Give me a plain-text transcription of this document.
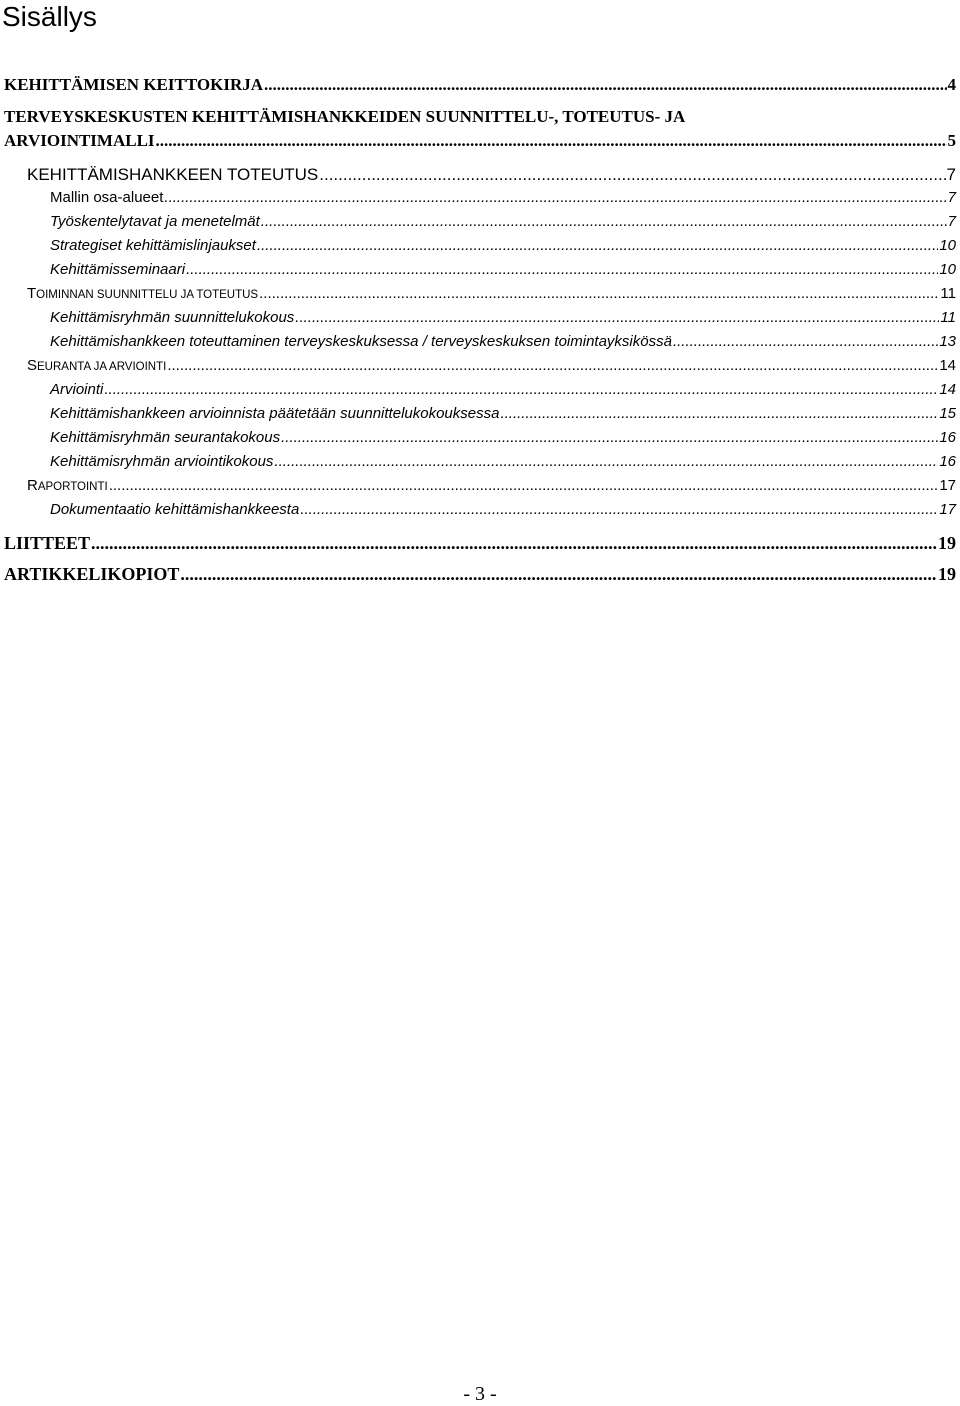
Sisällys
KEHITTÄMISEN KEITTOKIRJA .....	4
TERVEYSKESKUSTEN KEHITTÄMISHANKKEIDEN SUUNNITTELU-, TOTEUTUS- JA
ARVIOINTIMALLI .....	5
KEHITTÄMISHANKKEEN TOTEUTUS .....	7
Mallin osa-alueet .....	7
Työskentelytavat ja menetelmät .....	7
Strategiset kehittämislinjaukset .....	10
Kehittämisseminaari .....	10
TOIMINNAN SUUNNITTELU JA TOTEUTUS .....	11
Kehittämisryhmän suunnittelukokous .....	11
Kehittämishankkeen toteuttaminen terveyskeskuksessa / terveyskeskuksen toimintayksikössä .....	13
SEURANTA JA ARVIOINTI .....	14
Arviointi .....	14
Kehittämishankkeen arvioinnista päätetään suunnittelukokouksessa .....	15
Kehittämisryhmän seurantakokous .....	16
Kehittämisryhmän arviointikokous .....	16
RAPORTOINTI .....	17
Dokumentaatio kehittämishankkeesta .....	17
LIITTEET .....	19
ARTIKKELIKOPIOT .....	19
- 3 -
